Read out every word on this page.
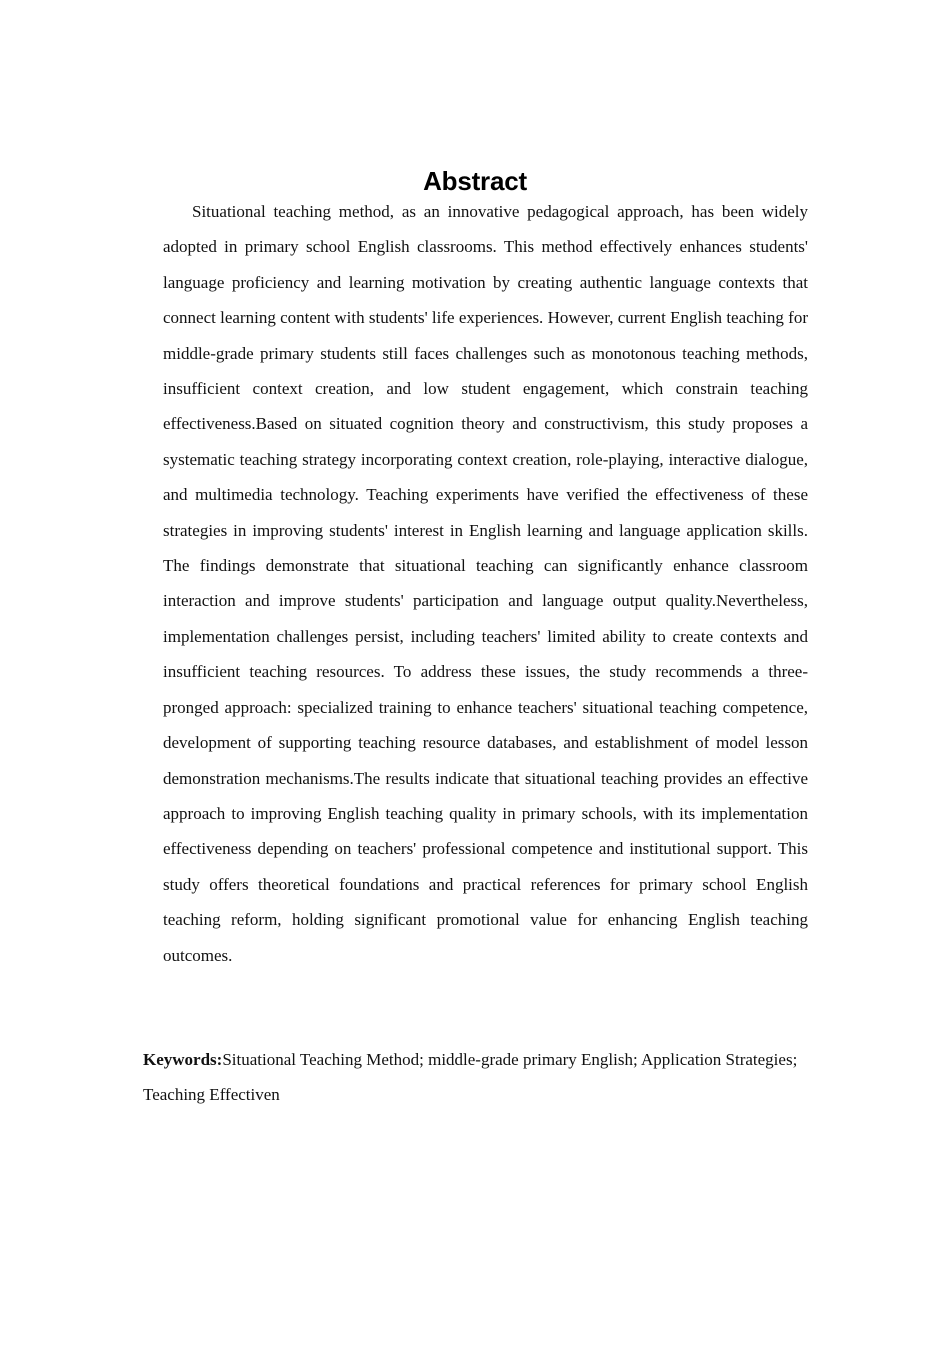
Abstract

Situational teaching method, as an innovative pedagogical approach, has been widely adopted in primary school English classrooms. This method effectively enhances students' language proficiency and learning motivation by creating authentic language contexts that connect learning content with students' life experiences. However, current English teaching for middle-grade primary students still faces challenges such as monotonous teaching methods, insufficient context creation, and low student engagement, which constrain teaching effectiveness.Based on situated cognition theory and constructivism, this study proposes a systematic teaching strategy incorporating context creation, role-playing, interactive dialogue, and multimedia technology. Teaching experiments have verified the effectiveness of these strategies in improving students' interest in English learning and language application skills. The findings demonstrate that situational teaching can significantly enhance classroom interaction and improve students' participation and language output quality.Nevertheless, implementation challenges persist, including teachers' limited ability to create contexts and insufficient teaching resources. To address these issues, the study recommends a three-pronged approach: specialized training to enhance teachers' situational teaching competence, development of supporting teaching resource databases, and establishment of model lesson demonstration mechanisms.The results indicate that situational teaching provides an effective approach to improving English teaching quality in primary schools, with its implementation effectiveness depending on teachers' professional competence and institutional support. This study offers theoretical foundations and practical references for primary school English teaching reform, holding significant promotional value for enhancing English teaching outcomes.

Keywords:Situational Teaching Method; middle-grade primary English; Application Strategies; Teaching Effectiven
